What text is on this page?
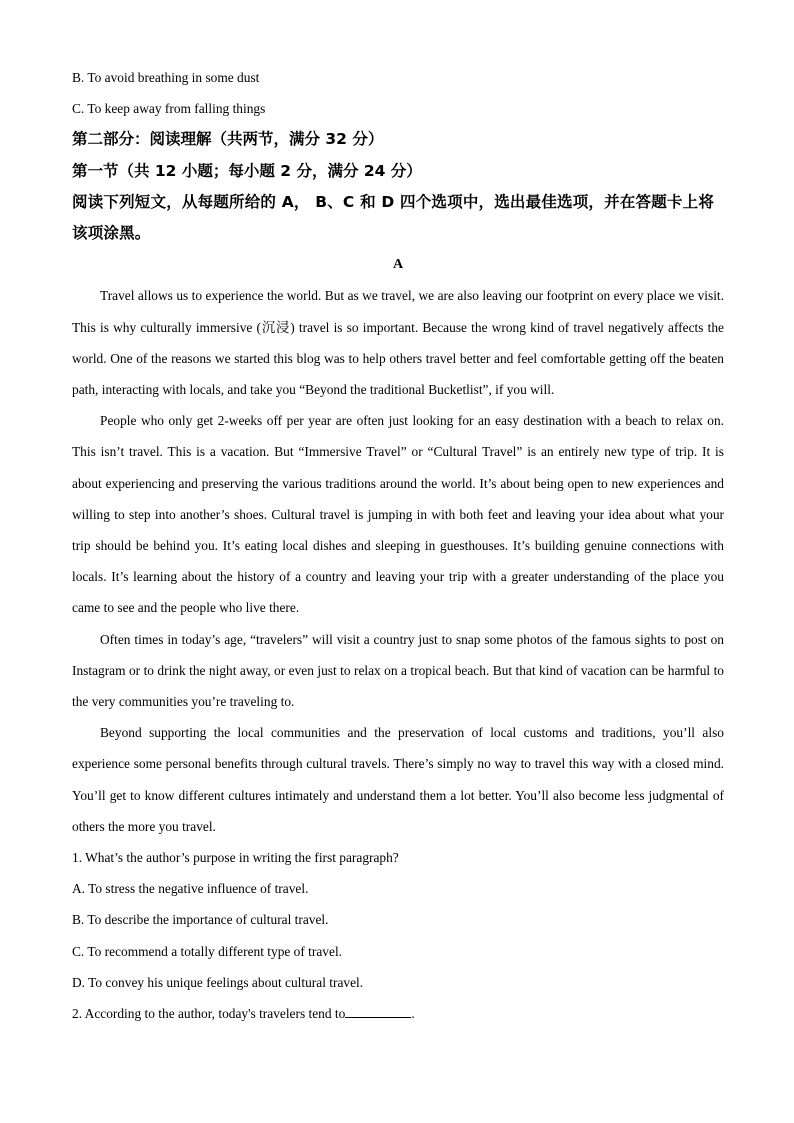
B. To avoid breathing in some dust

C. To keep away from falling things

第二部分：阅读理解（共两节，满分 32 分）

第一节（共 12 小题；每小题 2 分，满分 24 分）

阅读下列短文，从每题所给的 A， B、C 和 D 四个选项中，选出最佳选项，并在答题卡上将该项涂黑。

A

Travel allows us to experience the world. But as we travel, we are also leaving our footprint on every place we visit. This is why culturally immersive (沉浸) travel is so important. Because the wrong kind of travel negatively affects the world. One of the reasons we started this blog was to help others travel better and feel comfortable getting off the beaten path, interacting with locals, and take you “Beyond the traditional Bucketlist”, if you will.

People who only get 2-weeks off per year are often just looking for an easy destination with a beach to relax on. This isn’t travel. This is a vacation. But “Immersive Travel” or “Cultural Travel” is an entirely new type of trip. It is about experiencing and preserving the various traditions around the world. It’s about being open to new experiences and willing to step into another’s shoes. Cultural travel is jumping in with both feet and leaving your idea about what your trip should be behind you. It’s eating local dishes and sleeping in guesthouses. It’s building genuine connections with locals. It’s learning about the history of a country and leaving your trip with a greater understanding of the place you came to see and the people who live there.

Often times in today’s age, “travelers” will visit a country just to snap some photos of the famous sights to post on Instagram or to drink the night away, or even just to relax on a tropical beach. But that kind of vacation can be harmful to the very communities you’re traveling to.

Beyond supporting the local communities and the preservation of local customs and traditions, you’ll also experience some personal benefits through cultural travels. There’s simply no way to travel this way with a closed mind. You’ll get to know different cultures intimately and understand them a lot better. You’ll also become less judgmental of others the more you travel.

1. What’s the author’s purpose in writing the first paragraph?

A. To stress the negative influence of travel.

B. To describe the importance of cultural travel.

C. To recommend a totally different type of travel.

D. To convey his unique feelings about cultural travel.

2. According to the author, today's travelers tend to	.
